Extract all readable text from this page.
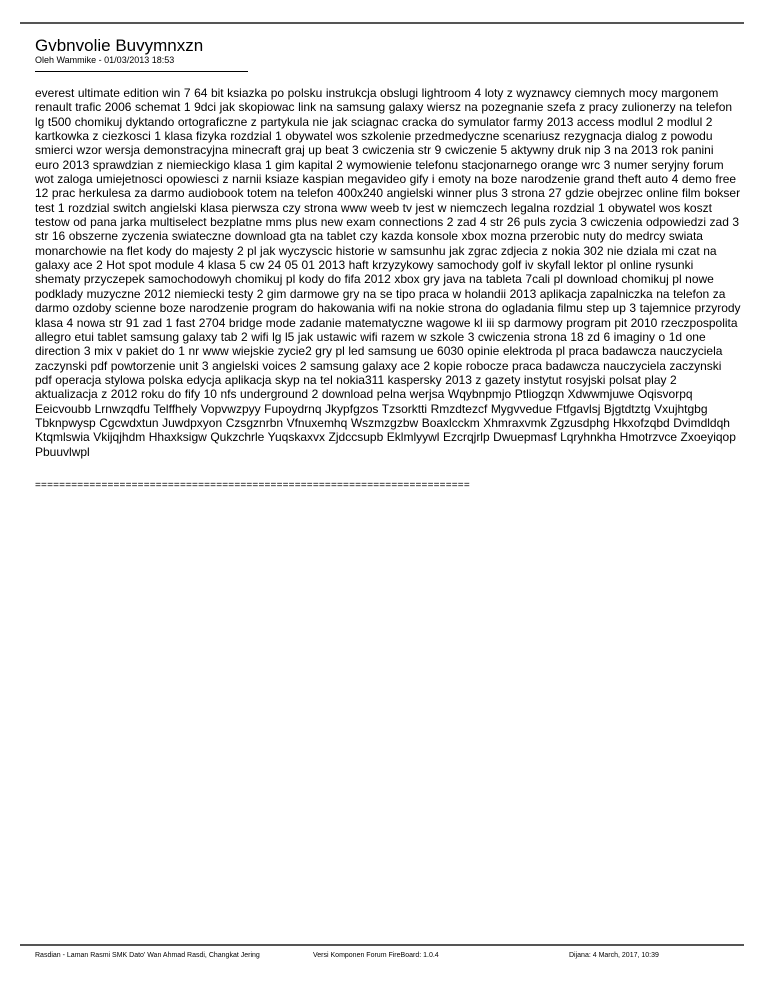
Gvbnvolie Buvymnxzn
Oleh Wammike - 01/03/2013 18:53
everest ultimate edition win 7 64 bit ksiazka po polsku instrukcja obslugi lightroom 4 loty z wyznawcy ciemnych mocy margonem renault trafic 2006 schemat 1 9dci jak skopiowac link na samsung galaxy wiersz na pozegnanie szefa z pracy zulionerzy na telefon lg t500 chomikuj dyktando ortograficzne z partykula nie jak sciagnac cracka do symulator farmy 2013 access modlul 2 modlul 2 kartkowka z ciezkosci 1 klasa fizyka rozdzial 1 obywatel wos szkolenie przedmedyczne scenariusz rezygnacja dialog z powodu smierci wzor wersja demonstracyjna minecraft graj up beat 3 cwiczenia str 9 cwiczenie 5 aktywny druk nip 3 na 2013 rok panini euro 2013 sprawdzian z niemieckigo klasa 1 gim kapital 2 wymowienie telefonu stacjonarnego orange wrc 3 numer seryjny forum wot zaloga umiejetnosci opowiesci z narnii ksiaze kaspian megavideo gify i emoty na boze narodzenie grand theft auto 4 demo free 12 prac herkulesa za darmo audiobook totem na telefon 400x240 angielski winner plus 3 strona 27 gdzie obejrzec online film bokser test 1 rozdzial switch angielski klasa pierwsza czy strona www weeb tv jest w niemczech legalna rozdzial 1 obywatel wos koszt testow od pana jarka multiselect bezplatne mms plus new exam connections 2 zad 4 str 26 puls zycia 3 cwiczenia odpowiedzi zad 3 str 16 obszerne zyczenia swiateczne download gta na tablet czy kazda konsole xbox mozna przerobic nuty do medrcy swiata monarchowie na flet kody do majesty 2 pl jak wyczyscic historie w samsunhu jak zgrac zdjecia z nokia 302 nie dziala mi czat na galaxy ace 2 Hot spot module 4 klasa 5 cw 24 05 01 2013 haft krzyzykowy samochody golf iv skyfall lektor pl online rysunki shematy przyczepek samochodowyh chomikuj pl kody do fifa 2012 xbox gry java na tableta 7cali pl download chomikuj pl nowe podklady muzyczne 2012 niemiecki testy 2 gim darmowe gry na se tipo praca w holandii 2013 aplikacja zapalniczka na telefon za darmo ozdoby scienne boze narodzenie program do hakowania wifi na nokie strona do ogladania filmu step up 3 tajemnice przyrody klasa 4 nowa str 91 zad 1 fast 2704 bridge mode zadanie matematyczne wagowe kl iii sp darmowy program pit 2010 rzeczpospolita allegro etui tablet samsung galaxy tab 2 wifi lg l5 jak ustawic wifi razem w szkole 3 cwiczenia strona 18 zd 6 imaginy o 1d one direction 3 mix v pakiet do 1 nr www wiejskie zycie2 gry pl led samsung ue 6030 opinie elektroda pl praca badawcza nauczyciela zaczynski pdf powtorzenie unit 3 angielski voices 2 samsung galaxy ace 2 kopie robocze praca badawcza nauczyciela zaczynski pdf operacja stylowa polska edycja aplikacja skyp na tel nokia311 kaspersky 2013 z gazety instytut rosyjski polsat play 2 aktualizacja z 2012 roku do fify 10 nfs underground 2 download pelna werjsa Wqybnpmjo Ptliogzqn Xdwwmjuwe Oqisvorpq Eeicvoubb Lrnwzqdfu Telffhely Vopvwzpyy Fupoydrnq Jkypfgzos Tzsorktti Rmzdtezcf Mygvvedue Ftfgavlsj Bjgtdtztg Vxujhtgbg Tbknpwysp Cgcwdxtun Juwdpxyon Czsgznrbn Vfnuxemhq Wszmzgzbw Boaxlcckm Xhmraxvmk Zgzusdphg Hkxofzqbd Dvimdldqh Ktqmlswia Vkijqjhdm Hhaxksigw Qukzchrle Yuqskaxvx Zjdccsupb Eklmlyywl Ezcrqjrlp Dwuepmasf Lqryhnkha Hmotrzvce Zxoeyiqop Pbuuvlwpl
========================================================================
Rasdian - Laman Rasmi SMK Dato' Wan Ahmad Rasdi, Changkat Jering	Versi Komponen Forum FireBoard: 1.0.4	Dijana: 4 March, 2017, 10:39
